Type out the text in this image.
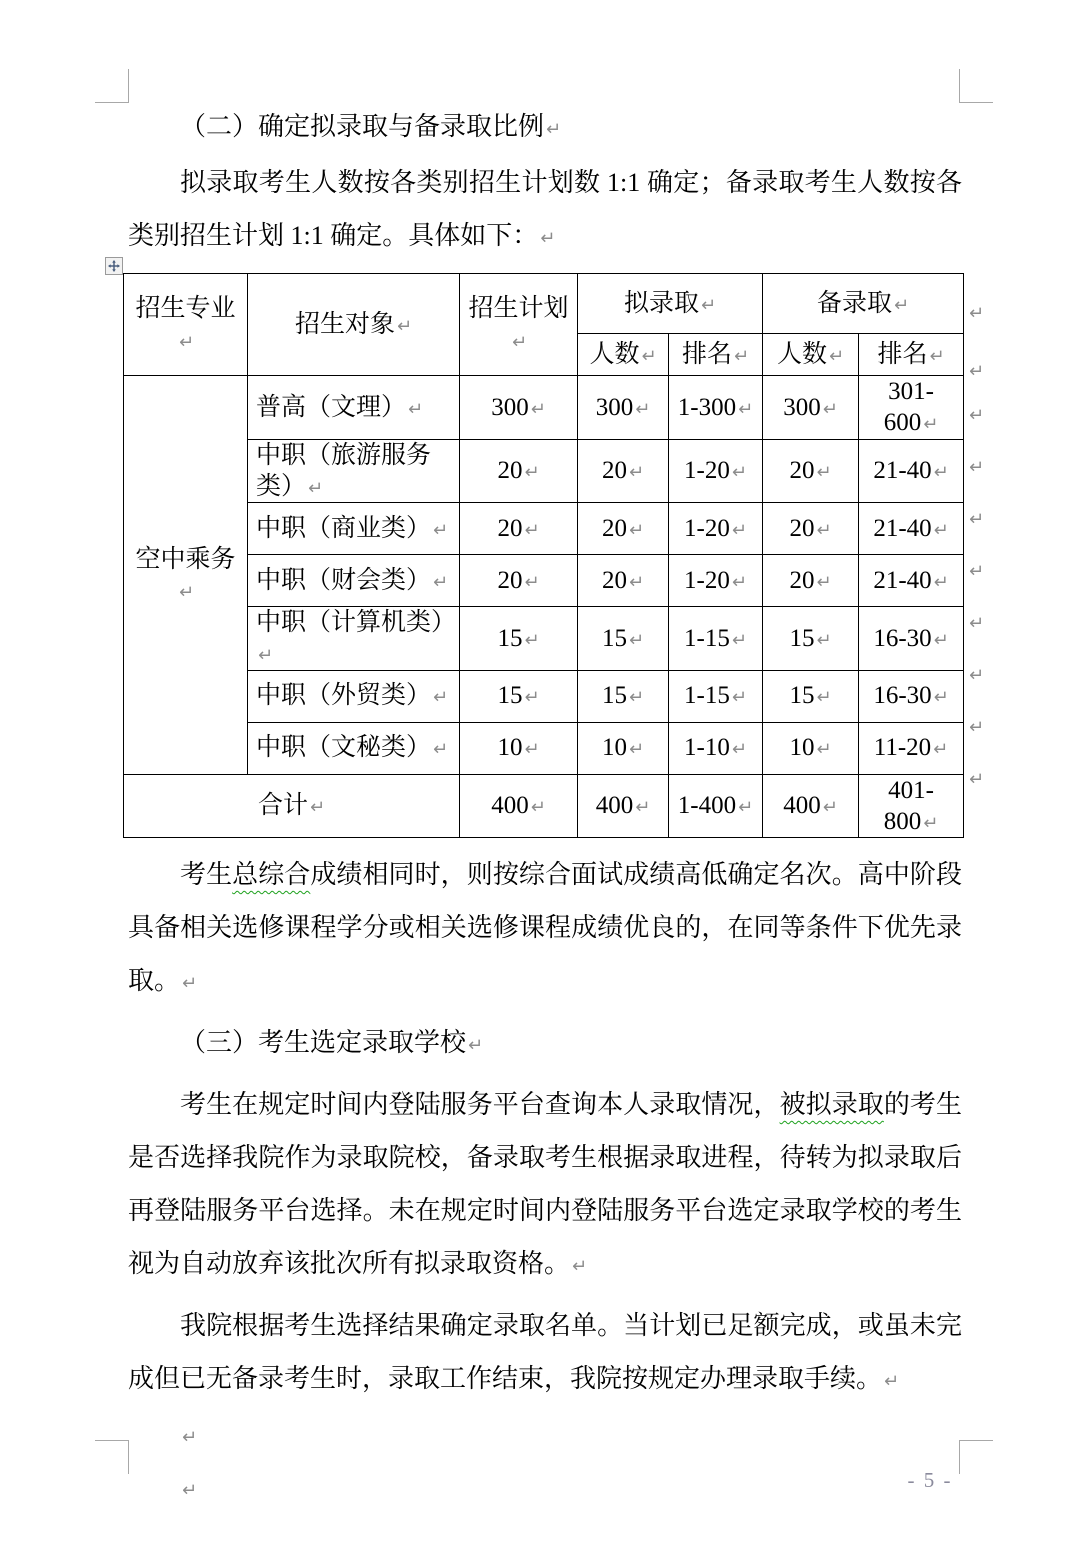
（二）确定拟录取与备录取比例 ↵

拟录取考生人数按各类别招生计划数 1:1 确定；备录取考生人数按各类别招生计划 1:1 确定。具体如下： ↵

招生专业↵	招生对象 ↵	招生计划↵	拟录取 ↵		备录取 ↵	
			人数 ↵	排名 ↵	人数 ↵	排名 ↵
空中乘务↵	普高（文理） ↵	300 ↵	300 ↵	1-300 ↵	300 ↵	301-600 ↵
	中职（旅游服务类） ↵	20 ↵	20 ↵	1-20 ↵	20 ↵	21-40 ↵
	中职（商业类） ↵	20 ↵	20 ↵	1-20 ↵	20 ↵	21-40 ↵
	中职（财会类） ↵	20 ↵	20 ↵	1-20 ↵	20 ↵	21-40 ↵
	中职（计算机类）↵	15 ↵	15 ↵	1-15 ↵	15 ↵	16-30 ↵
	中职（外贸类） ↵	15 ↵	15 ↵	1-15 ↵	15 ↵	16-30 ↵
	中职（文秘类） ↵	10 ↵	10 ↵	1-10 ↵	10 ↵	11-20 ↵
合计 ↵		400 ↵	400 ↵	1-400 ↵	400 ↵	401-800 ↵
↵
↵
↵
↵
↵
↵
↵
↵
↵
↵

考生总综合成绩相同时，则按综合面试成绩高低确定名次。高中阶段具备相关选修课程学分或相关选修课程成绩优良的，在同等条件下优先录取。 ↵

（三）考生选定录取学校 ↵

考生在规定时间内登陆服务平台查询本人录取情况，被拟录取的考生是否选择我院作为录取院校，备录取考生根据录取进程，待转为拟录取后再登陆服务平台选择。未在规定时间内登陆服务平台选定录取学校的考生视为自动放弃该批次所有拟录取资格。 ↵

我院根据考生选择结果确定录取名单。当计划已足额完成，或虽未完成但已无备录考生时，录取工作结束，我院按规定办理录取手续。 ↵

↵

↵	- 5 -
